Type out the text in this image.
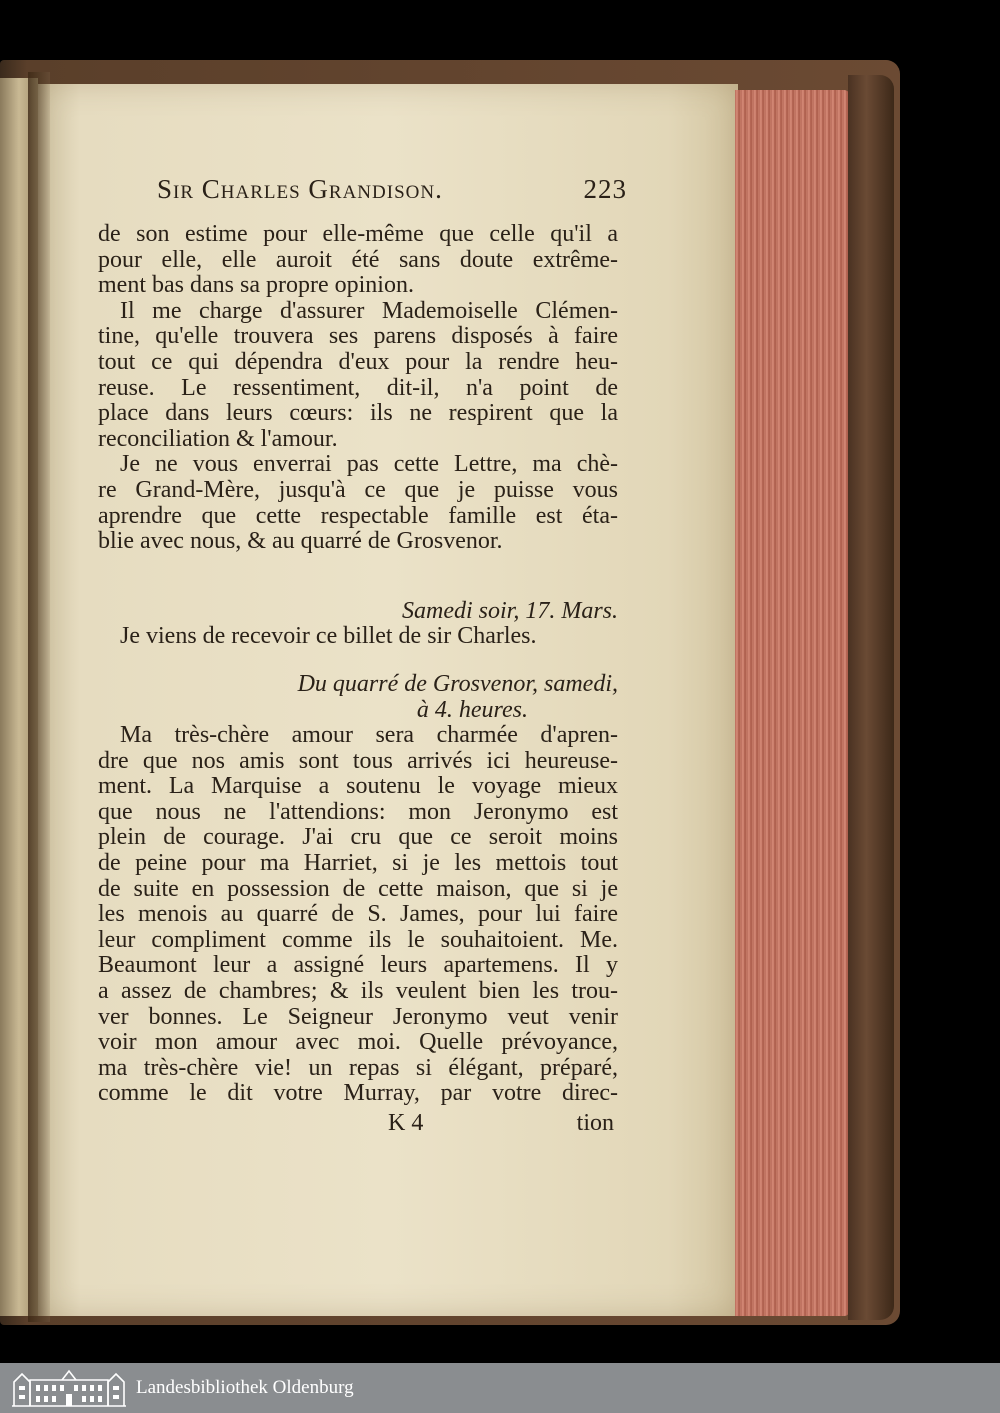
Sir Charles Grandison.	223
de son estime pour elle-même que celle qu'il a
pour elle, elle auroit été sans doute extrême-
ment bas dans sa propre opinion.
Il me charge d'assurer Mademoiselle Clémen-
tine, qu'elle trouvera ses parens disposés à faire
tout ce qui dépendra d'eux pour la rendre heu-
reuse. Le ressentiment, dit-il, n'a point de
place dans leurs cœurs: ils ne respirent que la
reconciliation & l'amour.
Je ne vous enverrai pas cette Lettre, ma chè-
re Grand-Mère, jusqu'à ce que je puisse vous
aprendre que cette respectable famille est éta-
blie avec nous, & au quarré de Grosvenor.
Samedi soir, 17. Mars.
Je viens de recevoir ce billet de sir Charles.
Du quarré de Grosvenor, samedi,
à 4. heures.
Ma très-chère amour sera charmée d'apren-
dre que nos amis sont tous arrivés ici heureuse-
ment. La Marquise a soutenu le voyage mieux
que nous ne l'attendions: mon Jeronymo est
plein de courage. J'ai cru que ce seroit moins
de peine pour ma Harriet, si je les mettois tout
de suite en possession de cette maison, que si je
les menois au quarré de S. James, pour lui faire
leur compliment comme ils le souhaitoient. Me.
Beaumont leur a assigné leurs apartemens. Il y
a assez de chambres; & ils veulent bien les trou-
ver bonnes. Le Seigneur Jeronymo veut venir
voir mon amour avec moi. Quelle prévoyance,
ma très-chère vie! un repas si élégant, préparé,
comme le dit votre Murray, par votre direc-
K 4	tion
Landesbibliothek Oldenburg
